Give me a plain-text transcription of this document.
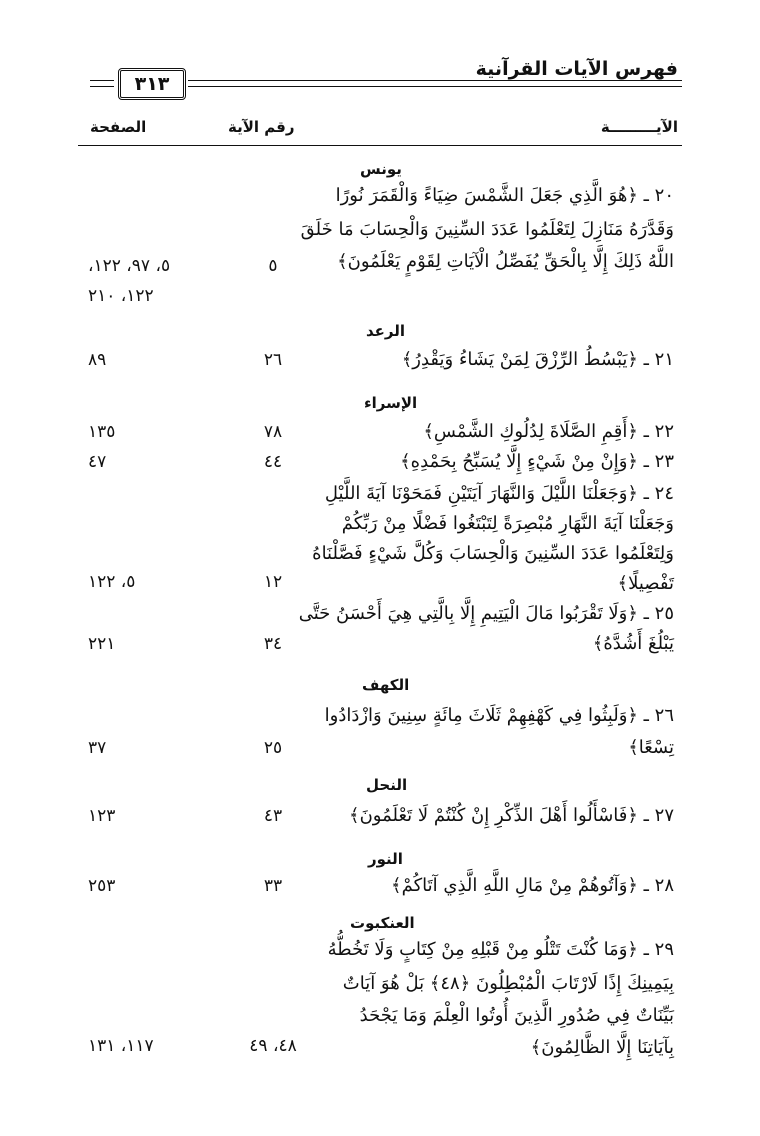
فهرس الآيات القرآنية
٣١٣
الآيـــــــــة
رقم الآية
الصفحة
يونس
٢٠ ـ ﴿هُوَ الَّذِي جَعَلَ الشَّمْسَ ضِيَاءً وَالْقَمَرَ نُورًا
وَقَدَّرَهُ مَنَازِلَ لِتَعْلَمُوا عَدَدَ السِّنِينَ وَالْحِسَابَ مَا خَلَقَ
اللَّهُ ذَلِكَ إِلَّا بِالْحَقِّ يُفَصِّلُ الْآيَاتِ لِقَوْمٍ يَعْلَمُونَ﴾
٥
٥، ٩٧، ١٢٢،
١٢٢، ٢١٠
الرعد
٢١ ـ ﴿يَبْسُطُ الرِّزْقَ لِمَنْ يَشَاءُ وَيَقْدِرُ﴾
٢٦
٨٩
الإسراء
٢٢ ـ ﴿أَقِمِ الصَّلَاةَ لِدُلُوكِ الشَّمْسِ﴾
٧٨
١٣٥
٢٣ ـ ﴿وَإِنْ مِنْ شَيْءٍ إِلَّا يُسَبِّحُ بِحَمْدِهِ﴾
٤٤
٤٧
٢٤ ـ ﴿وَجَعَلْنَا اللَّيْلَ وَالنَّهَارَ آيَتَيْنِ فَمَحَوْنَا آيَةَ اللَّيْلِ
وَجَعَلْنَا آيَةَ النَّهَارِ مُبْصِرَةً لِتَبْتَغُوا فَضْلًا مِنْ رَبِّكُمْ
وَلِتَعْلَمُوا عَدَدَ السِّنِينَ وَالْحِسَابَ وَكُلَّ شَيْءٍ فَصَّلْنَاهُ
تَفْصِيلًا﴾
١٢
٥، ١٢٢
٢٥ ـ ﴿وَلَا تَقْرَبُوا مَالَ الْيَتِيمِ إِلَّا بِالَّتِي هِيَ أَحْسَنُ حَتَّى
يَبْلُغَ أَشُدَّهُ﴾
٣٤
٢٢١
الكهف
٢٦ ـ ﴿وَلَبِثُوا فِي كَهْفِهِمْ ثَلَاثَ مِائَةٍ سِنِينَ وَازْدَادُوا
تِسْعًا﴾
٢٥
٣٧
النحل
٢٧ ـ ﴿فَاسْأَلُوا أَهْلَ الذِّكْرِ إِنْ كُنْتُمْ لَا تَعْلَمُونَ﴾
٤٣
١٢٣
النور
٢٨ ـ ﴿وَآتُوهُمْ مِنْ مَالِ اللَّهِ الَّذِي آتَاكُمْ﴾
٣٣
٢٥٣
العنكبوت
٢٩ ـ ﴿وَمَا كُنْتَ تَتْلُو مِنْ قَبْلِهِ مِنْ كِتَابٍ وَلَا تَخُطُّهُ
بِيَمِينِكَ إِذًا لَارْتَابَ الْمُبْطِلُونَ ﴿٤٨﴾ بَلْ هُوَ آيَاتٌ
بَيِّنَاتٌ فِي صُدُورِ الَّذِينَ أُوتُوا الْعِلْمَ وَمَا يَجْحَدُ
بِآيَاتِنَا إِلَّا الظَّالِمُونَ﴾
٤٨، ٤٩
١١٧، ١٣١
